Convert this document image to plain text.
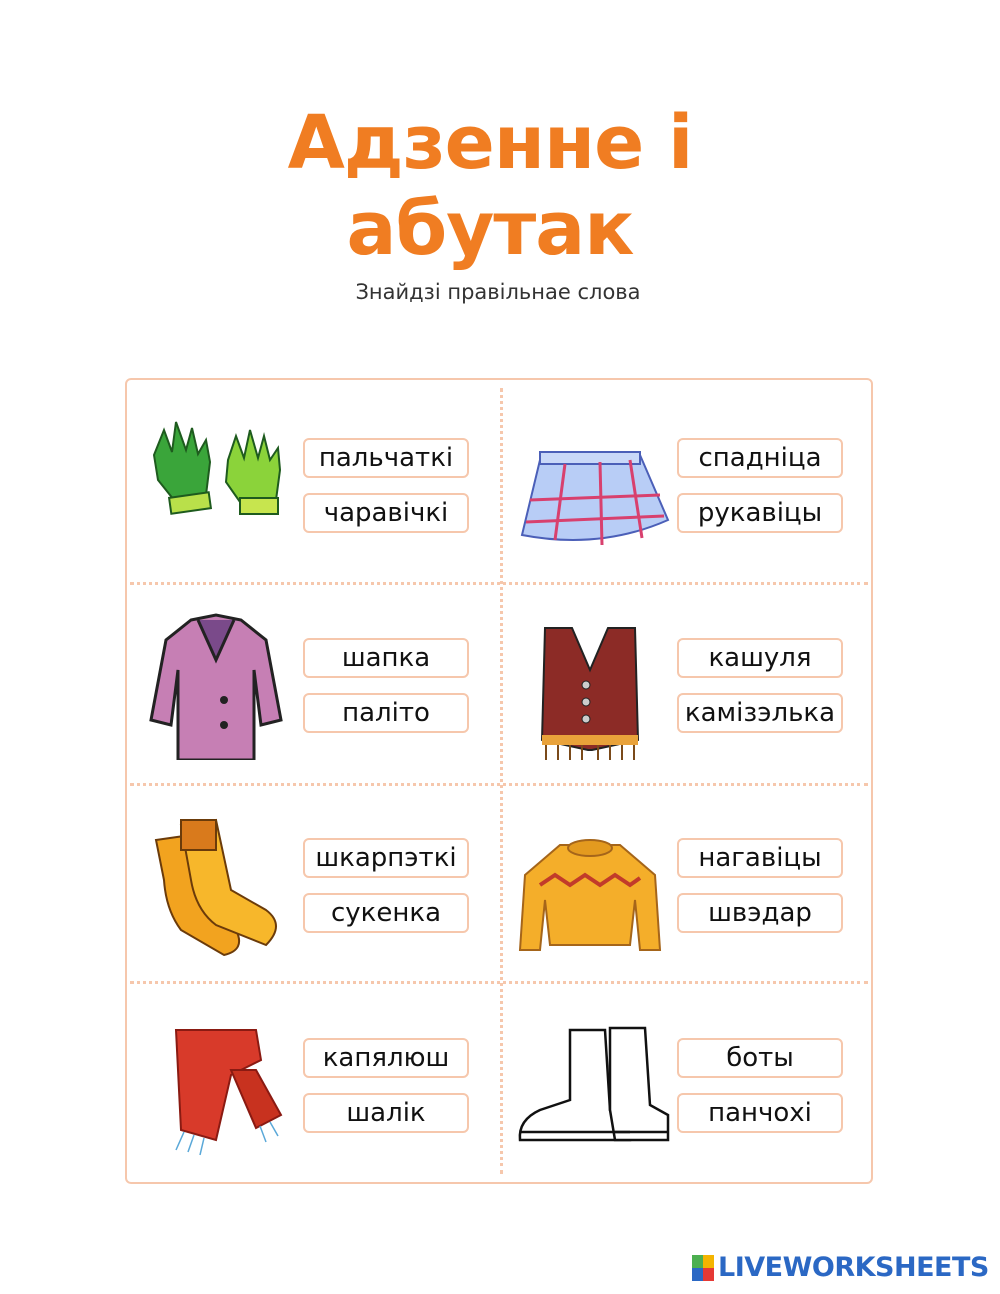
Адзенне і
абутак
Знайдзі правільнае слова
пальчаткі
чаравічкі
спадніца
рукавіцы
шапка
паліто
кашуля
камізэлька
шкарпэткі
сукенка
нагавіцы
швэдар
капялюш
шалік
боты
панчохі
LIVEWORKSHEETS
